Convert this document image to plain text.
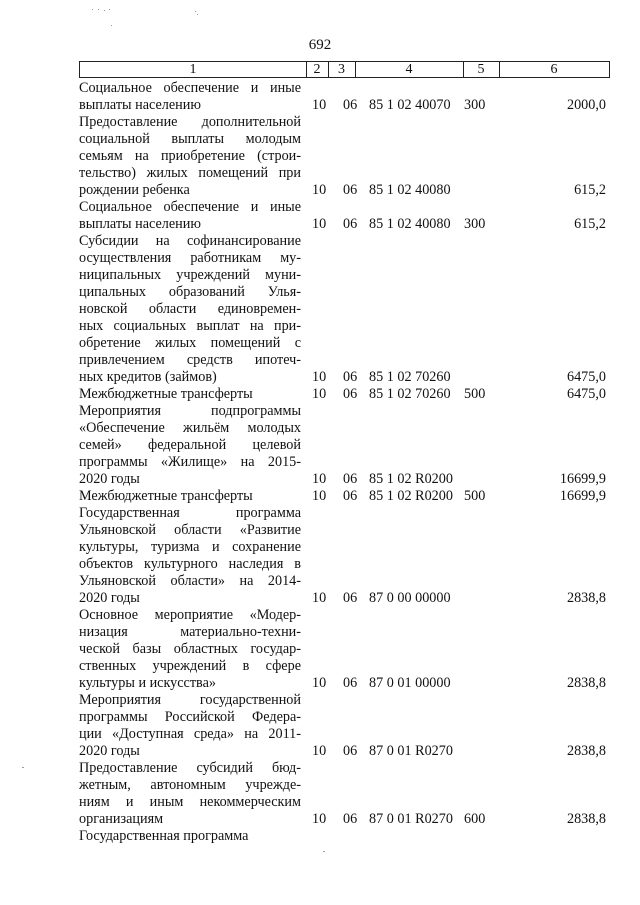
692
1	2	3	4	5	6
Социальное обеспечение и иные
выплаты населению	10 06 85 1 02 40070 300	2000,0
Предоставление дополнительной
социальной выплаты молодым
семьям на приобретение (строи-
тельство) жилых помещений при
рождении ребенка	10 06 85 1 02 40080	615,2
Социальное обеспечение и иные
выплаты населению	10 06 85 1 02 40080 300	615,2
Субсидии на софинансирование
осуществления работникам му-
ниципальных учреждений муни-
ципальных образований Улья-
новской области единовремен-
ных социальных выплат на при-
обретение жилых помещений с
привлечением средств ипотеч-
ных кредитов (займов)	10 06 85 1 02 70260	6475,0
Межбюджетные трансферты	10 06 85 1 02 70260 500	6475,0
Мероприятия подпрограммы
«Обеспечение жильём молодых
семей» федеральной целевой
программы «Жилище» на 2015-
2020 годы	10 06 85 1 02 R0200	16699,9
Межбюджетные трансферты	10 06 85 1 02 R0200 500	16699,9
Государственная программа
Ульяновской области «Развитие
культуры, туризма и сохранение
объектов культурного наследия в
Ульяновской области» на 2014-
2020 годы	10 06 87 0 00 00000	2838,8
Основное мероприятие «Модер-
низация материально-техни-
ческой базы областных государ-
ственных учреждений в сфере
культуры и искусства»	10 06 87 0 01 00000	2838,8
Мероприятия государственной
программы Российской Федера-
ции «Доступная среда» на 2011-
2020 годы	10 06 87 0 01 R0270	2838,8
Предоставление субсидий бюд-
жетным, автономным учрежде-
ниям и иным некоммерческим
организациям	10 06 87 0 01 R0270 600	2838,8
Государственная программа
